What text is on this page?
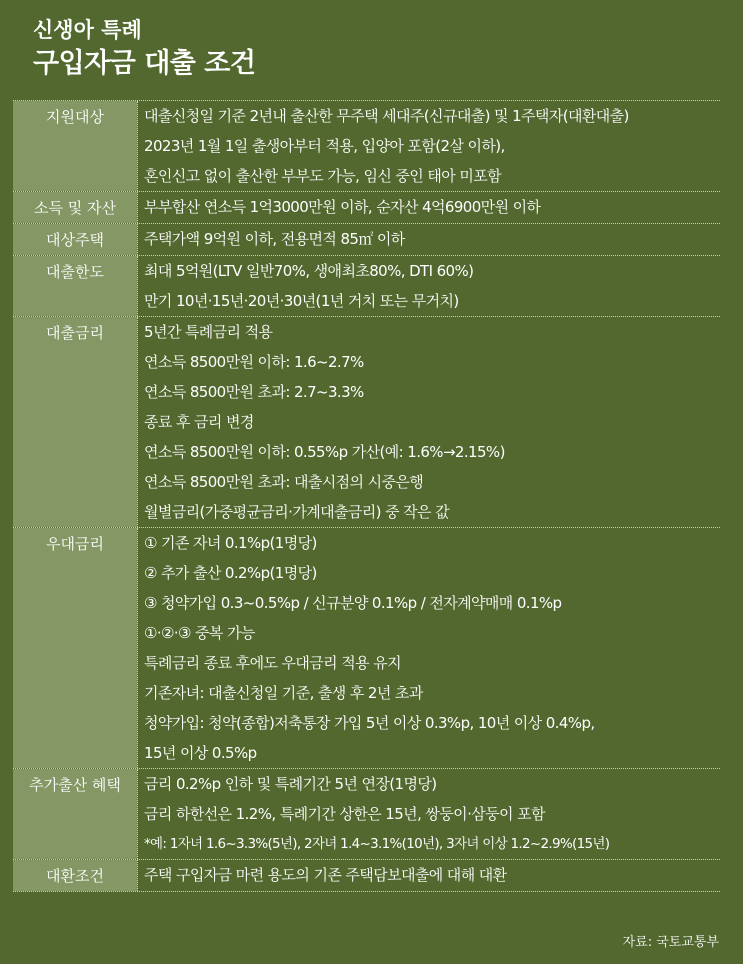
신생아 특례
구입자금 대출 조건
지원대상	대출신청일 기준 2년내 출산한 무주택 세대주(신규대출) 및 1주택자(대환대출)
2023년 1월 1일 출생아부터 적용, 입양아 포함(2살 이하),
혼인신고 없이 출산한 부부도 가능, 임신 중인 태아 미포함
소득 및 자산	부부합산 연소득 1억3000만원 이하, 순자산 4억6900만원 이하
대상주택	주택가액 9억원 이하, 전용면적 85㎡ 이하
대출한도	최대 5억원(LTV 일반70%, 생애최초80%, DTI 60%)
만기 10년·15년·20년·30년(1년 거치 또는 무거치)
대출금리	5년간 특례금리 적용
연소득 8500만원 이하: 1.6~2.7%
연소득 8500만원 초과: 2.7~3.3%
종료 후 금리 변경
연소득 8500만원 이하: 0.55%p 가산(예: 1.6%→2.15%)
연소득 8500만원 초과: 대출시점의 시중은행
월별금리(가중평균금리·가계대출금리) 중 작은 값
우대금리	① 기존 자녀 0.1%p(1명당)
② 추가 출산 0.2%p(1명당)
③ 청약가입 0.3~0.5%p / 신규분양 0.1%p / 전자계약매매 0.1%p
①·②·③ 중복 가능
특례금리 종료 후에도 우대금리 적용 유지
기존자녀: 대출신청일 기준, 출생 후 2년 초과
청약가입: 청약(종합)저축통장 가입 5년 이상 0.3%p, 10년 이상 0.4%p,
15년 이상 0.5%p
추가출산 혜택	금리 0.2%p 인하 및 특례기간 5년 연장(1명당)
금리 하한선은 1.2%, 특례기간 상한은 15년, 쌍둥이·삼둥이 포함
*예: 1자녀 1.6~3.3%(5년), 2자녀 1.4~3.1%(10년), 3자녀 이상 1.2~2.9%(15년)
대환조건	주택 구입자금 마련 용도의 기존 주택담보대출에 대해 대환
자료: 국토교통부
